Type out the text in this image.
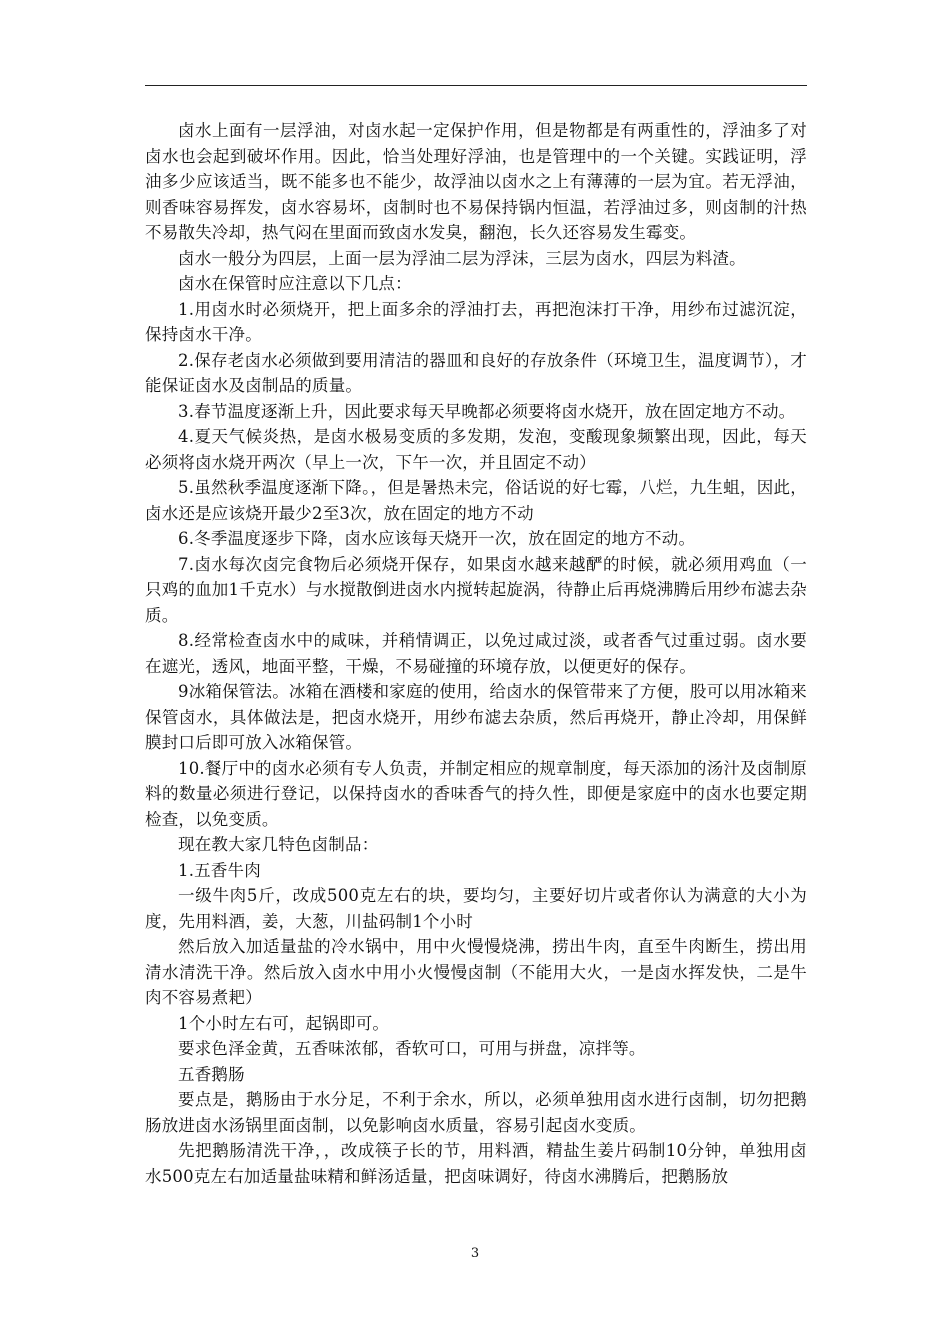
卤水上面有一层浮油，对卤水起一定保护作用，但是物都是有两重性的，浮油多了对卤水也会起到破坏作用。因此，恰当处理好浮油，也是管理中的一个关键。实践证明，浮油多少应该适当，既不能多也不能少，故浮油以卤水之上有薄薄的一层为宜。若无浮油，则香味容易挥发，卤水容易坏，卤制时也不易保持锅内恒温，若浮油过多，则卤制的汁热不易散失冷却，热气闷在里面而致卤水发臭，翻泡，长久还容易发生霉变。

卤水一般分为四层，上面一层为浮油二层为浮沫，三层为卤水，四层为料渣。

卤水在保管时应注意以下几点：

1.用卤水时必须烧开，把上面多余的浮油打去，再把泡沫打干净，用纱布过滤沉淀，保持卤水干净。

2.保存老卤水必须做到要用清洁的器皿和良好的存放条件（环境卫生，温度调节），才能保证卤水及卤制品的质量。

3.春节温度逐渐上升，因此要求每天早晚都必须要将卤水烧开，放在固定地方不动。

4.夏天气候炎热，是卤水极易变质的多发期，发泡，变酸现象频繁出现，因此，每天必须将卤水烧开两次（早上一次，下午一次，并且固定不动）

5.虽然秋季温度逐渐下降。，但是暑热未完，俗话说的好七霉，八烂，九生蛆，因此，卤水还是应该烧开最少2至3次，放在固定的地方不动

6.冬季温度逐步下降，卤水应该每天烧开一次，放在固定的地方不动。

7.卤水每次卤完食物后必须烧开保存，如果卤水越来越酽的时候，就必须用鸡血（一只鸡的血加1千克水）与水搅散倒进卤水内搅转起旋涡，待静止后再烧沸腾后用纱布滤去杂质。

8.经常检查卤水中的咸味，并稍情调正，以免过咸过淡，或者香气过重过弱。卤水要在遮光，透风，地面平整，干燥，不易碰撞的环境存放，以便更好的保存。

9冰箱保管法。冰箱在酒楼和家庭的使用，给卤水的保管带来了方便，股可以用冰箱来保管卤水，具体做法是，把卤水烧开，用纱布滤去杂质，然后再烧开，静止冷却，用保鲜膜封口后即可放入冰箱保管。

10.餐厅中的卤水必须有专人负责，并制定相应的规章制度，每天添加的汤汁及卤制原料的数量必须进行登记，以保持卤水的香味香气的持久性，即便是家庭中的卤水也要定期检查，以免变质。

现在教大家几特色卤制品：

1.五香牛肉

一级牛肉5斤，改成500克左右的块，要均匀，主要好切片或者你认为满意的大小为度，先用料酒，姜，大葱，川盐码制1个小时

然后放入加适量盐的冷水锅中，用中火慢慢烧沸，捞出牛肉，直至牛肉断生，捞出用清水清洗干净。然后放入卤水中用小火慢慢卤制（不能用大火，一是卤水挥发快，二是牛肉不容易煮耙）

1个小时左右可，起锅即可。

要求色泽金黄，五香味浓郁，香软可口，可用与拼盘，凉拌等。

五香鹅肠

要点是，鹅肠由于水分足，不利于余水，所以，必须单独用卤水进行卤制，切勿把鹅肠放进卤水汤锅里面卤制，以免影响卤水质量，容易引起卤水变质。

先把鹅肠清洗干净，，改成筷子长的节，用料酒，精盐生姜片码制10分钟，单独用卤水500克左右加适量盐味精和鲜汤适量，把卤味调好，待卤水沸腾后，把鹅肠放

3
